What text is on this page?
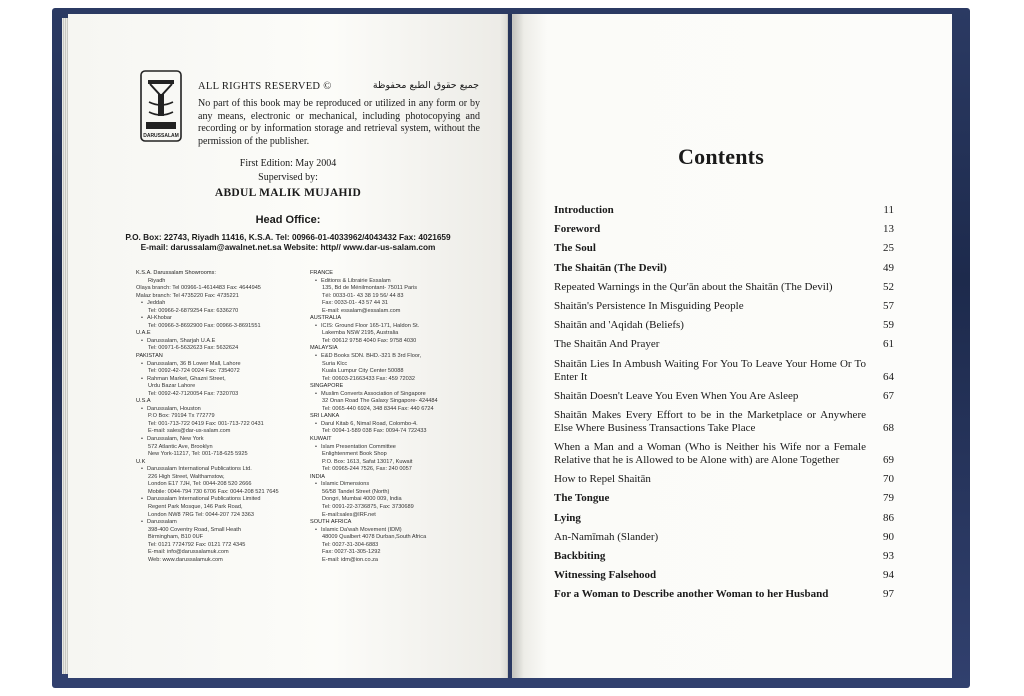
DARUSSALAM
ALL RIGHTS RESERVED ©	جميع حقوق الطبع محفوظة
No part of this book may be reproduced or utilized in any form or by any means, electronic or mechanical, including photocopying and recording or by information storage and retrieval system, without the permission of the publisher.
First Edition: May 2004
Supervised by:
ABDUL MALIK MUJAHID
Head Office:
P.O. Box: 22743, Riyadh 11416, K.S.A. Tel: 00966-01-4033962/4043432 Fax: 4021659
E-mail: darussalam@awalnet.net.sa Website: http// www.dar-us-salam.com
K.S.A. Darussalam Showrooms:
Riyadh
Olaya branch: Tel 00966-1-4614483 Fax: 4644945
Malaz branch: Tel 4735220 Fax: 4735221
• Jeddah
Tel: 00966-2-6879254 Fax: 6336270
• Al-Khobar
Tel: 00966-3-8692900 Fax: 00966-3-8691551
U.A.E
• Darussalam, Sharjah U.A.E
Tel: 00971-6-5632623 Fax: 5632624
PAKISTAN
• Darussalam, 36 B Lower Mall, Lahore
Tel: 0092-42-724 0024 Fax: 7354072
• Rahman Market, Ghazni Street,
Urdu Bazar Lahore
Tel: 0092-42-7120054 Fax: 7320703
U.S.A
• Darussalam, Houston
P.O Box: 79194 Tx 772779
Tel: 001-713-722 0419 Fax: 001-713-722 0431
E-mail: sales@dar-us-salam.com
• Darussalam, New York
572 Atlantic Ave, Brooklyn
New York-11217, Tel: 001-718-625 5925
U.K
• Darussalam International Publications Ltd.
226 High Street, Walthamstow,
London E17 7JH, Tel: 0044-208 520 2666
Mobile: 0044-794 730 6706 Fax: 0044-208 521 7645
• Darussalam International Publications Limited
Regent Park Mosque, 146 Park Road,
London NW8 7RG Tel: 0044-207 724 3363
• Darussalam
398-400 Coventry Road, Small Heath
Birmingham, B10 0UF
Tel: 0121 7724792 Fax: 0121 772 4345
E-mail: info@darussalamuk.com
Web: www.darussalamuk.com
FRANCE
• Editions & Librairie Essalam
135, Bd de Ménilmontant- 75011 Paris
Tél: 0033-01- 43 38 19 56/ 44 83
Fax: 0033-01- 43 57 44 31
E-mail: essalam@essalam.com
AUSTRALIA
• ICIS: Ground Floor 165-171, Haldon St.
Lakemba NSW 2195, Australia
Tel: 00612 9758 4040 Fax: 9758 4030
MALAYSIA
• E&D Books SDN. BHD.-321 B 3rd Floor,
Suria Klcc
Kuala Lumpur City Center 50088
Tel: 00603-21663433 Fax: 459 72032
SINGAPORE
• Muslim Converts Association of Singapore
32 Onan Road The Galaxy Singapore- 424484
Tel: 0065-440 6924, 348 8344 Fax: 440 6724
SRI LANKA
• Darul Kitab 6, Nimal Road, Colombo-4.
Tel: 0094-1-589 038 Fax: 0094-74 722433
KUWAIT
• Islam Presentation Committee
Enlightenment Book Shop
P.O. Box: 1613, Safat 13017, Kuwait
Tel: 00965-244 7526, Fax: 240 0057
INDIA
• Islamic Dimensions
56/58 Tandel Street (North)
Dongri, Mumbai 4000 009, India
Tel: 0091-22-3736875, Fax: 3730689
E-mail:sales@IRF.net
SOUTH AFRICA
• Islamic Da'wah Movement (IDM)
48009 Qualbert 4078 Durban,South Africa
Tel: 0027-31-304-6883
Fax: 0027-31-305-1292
E-mail: idm@ion.co.za
Contents
Introduction	11
Foreword	13
The Soul	25
The Shaitān (The Devil)	49
Repeated Warnings in the Qur'ān about the Shaitān (The Devil)	52
Shaitān's Persistence In Misguiding People	57
Shaitān and 'Aqidah (Beliefs)	59
The Shaitān And Prayer	61
Shaitān Lies In Ambush Waiting For You To Leave Your Home Or To Enter It	64
Shaitān Doesn't Leave You Even When You Are Asleep	67
Shaitān Makes Every Effort to be in the Marketplace or Anywhere Else Where Business Transactions Take Place	68
When a Man and a Woman (Who is Neither his Wife nor a Female Relative that he is Allowed to be Alone with) are Alone Together	69
How to Repel Shaitān	70
The Tongue	79
Lying	86
An-Namīmah (Slander)	90
Backbiting	93
Witnessing Falsehood	94
For a Woman to Describe another Woman to her Husband	97
